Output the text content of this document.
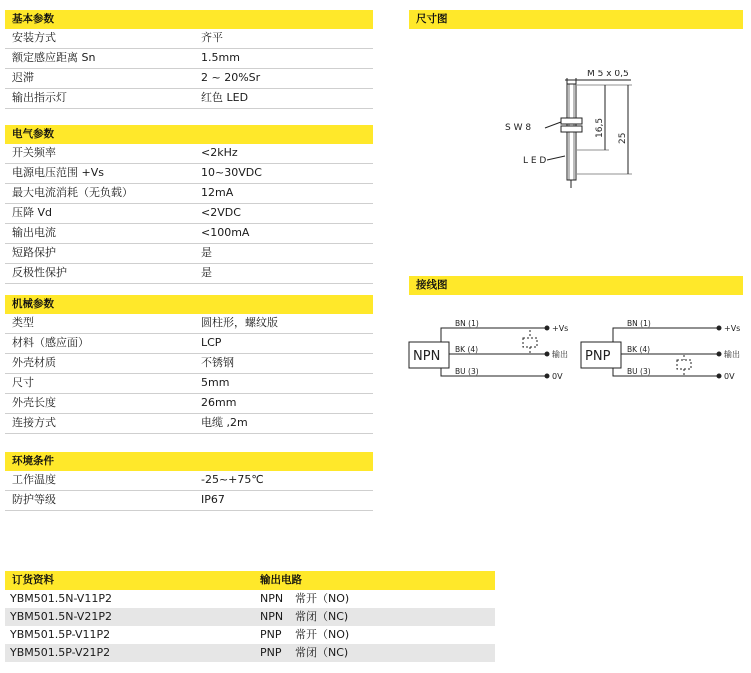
基本参数
安装方式	齐平
额定感应距离 Sn	1.5mm
迟滞	2 ~ 20%Sr
输出指示灯	红色 LED
电气参数
开关频率	<2kHz
电源电压范围 +Vs	10~30VDC
最大电流消耗（无负载）	12mA
压降 Vd	<2VDC
输出电流	<100mA
短路保护	是
反极性保护	是
机械参数
类型	圆柱形，螺纹版
材料（感应面）	LCP
外壳材质	不锈钢
尺寸	5mm
外壳长度	26mm
连接方式	电缆 ,2m
环境条件
工作温度	-25~+75℃
防护等级	IP67
尺寸图
M 5 x 0,5
S W 8
L E D
16,5
25
接线图
NPN
BN (1)
BK (4)
BU (3)
+Vs
输出
0V
PNP
BN (1)
BK (4)
BU (3)
+Vs
输出
0V
订货资料	输出电路
YBM501.5N-V11P2	NPN 常开（NO)
YBM501.5N-V21P2	NPN 常闭（NC)
YBM501.5P-V11P2	PNP 常开（NO)
YBM501.5P-V21P2	PNP 常闭（NC)
